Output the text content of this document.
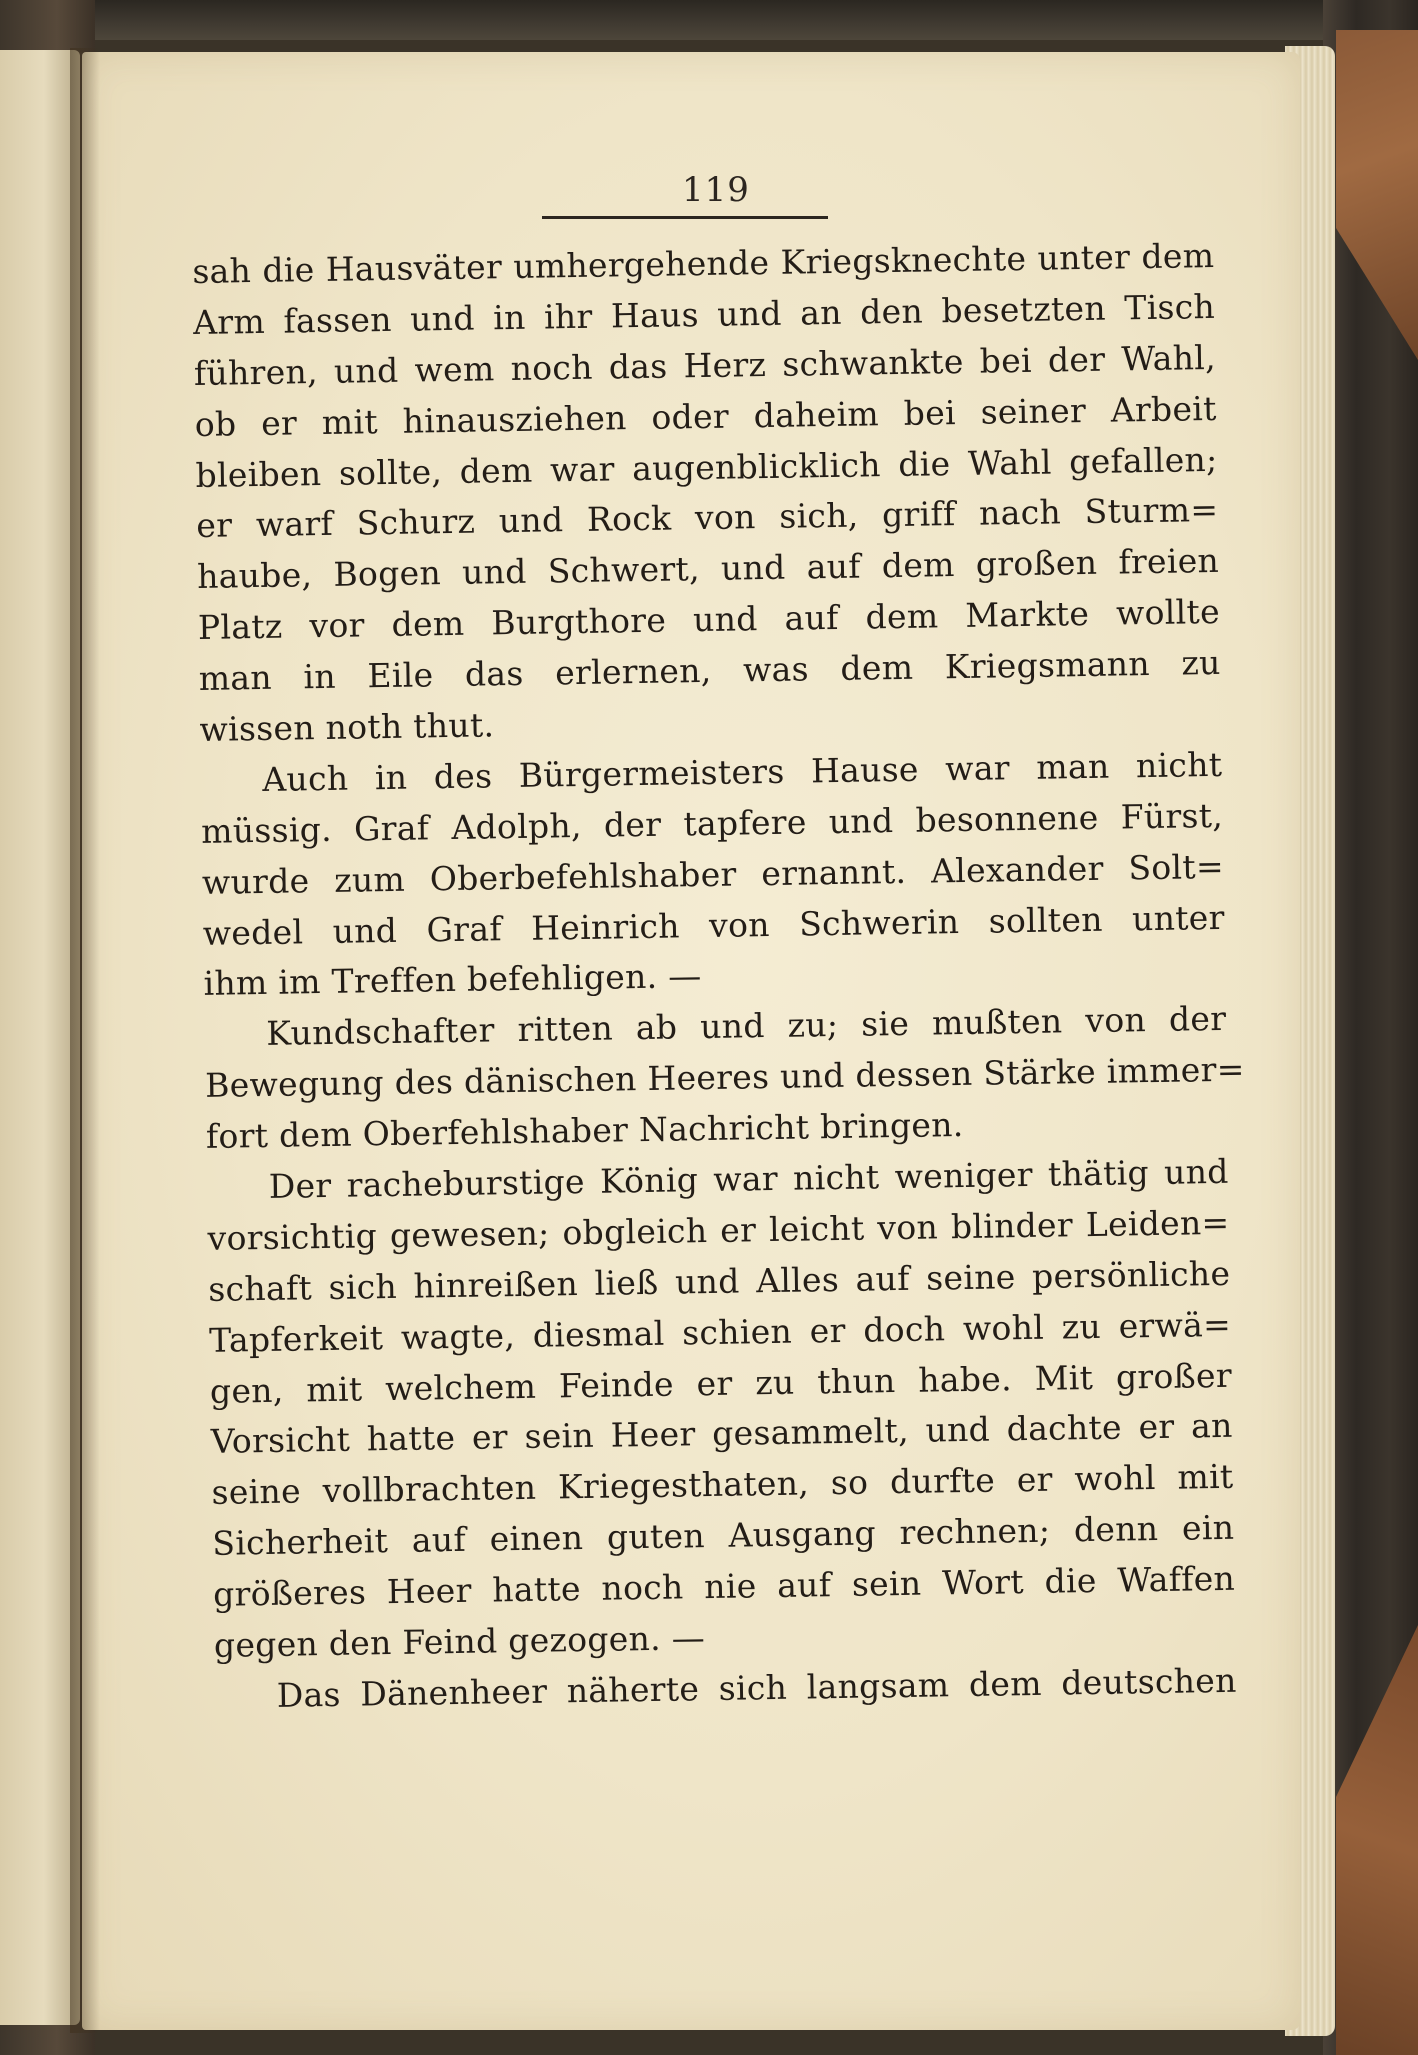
119
sah die Hausväter umhergehende Kriegsknechte unter dem
Arm fassen und in ihr Haus und an den besetzten Tisch
führen, und wem noch das Herz schwankte bei der Wahl,
ob er mit hinausziehen oder daheim bei seiner Arbeit
bleiben sollte, dem war augenblicklich die Wahl gefallen;
er warf Schurz und Rock von sich, griff nach Sturm=
haube, Bogen und Schwert, und auf dem großen freien
Platz vor dem Burgthore und auf dem Markte wollte
man in Eile das erlernen, was dem Kriegsmann zu
wissen noth thut.
Auch in des Bürgermeisters Hause war man nicht
müssig. Graf Adolph, der tapfere und besonnene Fürst,
wurde zum Oberbefehlshaber ernannt. Alexander Solt=
wedel und Graf Heinrich von Schwerin sollten unter
ihm im Treffen befehligen. —
Kundschafter ritten ab und zu; sie mußten von der
Bewegung des dänischen Heeres und dessen Stärke immer=
fort dem Oberfehlshaber Nachricht bringen.
Der racheburstige König war nicht weniger thätig und
vorsichtig gewesen; obgleich er leicht von blinder Leiden=
schaft sich hinreißen ließ und Alles auf seine persönliche
Tapferkeit wagte, diesmal schien er doch wohl zu erwä=
gen, mit welchem Feinde er zu thun habe. Mit großer
Vorsicht hatte er sein Heer gesammelt, und dachte er an
seine vollbrachten Kriegesthaten, so durfte er wohl mit
Sicherheit auf einen guten Ausgang rechnen; denn ein
größeres Heer hatte noch nie auf sein Wort die Waffen
gegen den Feind gezogen. —
Das Dänenheer näherte sich langsam dem deutschen
